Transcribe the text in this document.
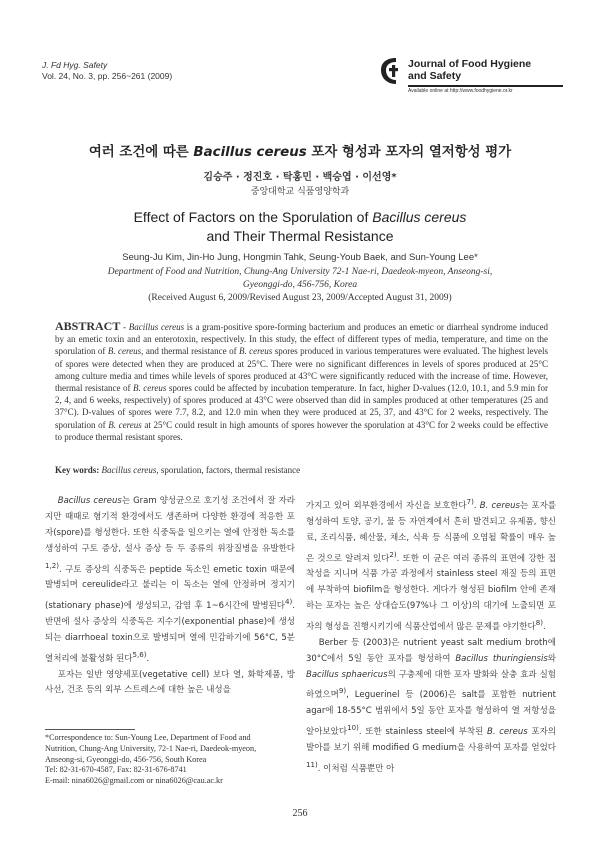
J. Fd Hyg. Safety
Vol. 24, No. 3, pp. 256~261 (2009)
Journal of Food Hygiene
and Safety
Available online at http://www.foodhygiene.or.kr
여러 조건에 따른 Bacillus cereus 포자 형성과 포자의 열저항성 평가
김승주 · 정진호 · 탁홍민 · 백승엽 · 이선영*
중앙대학교 식품영양학과
Effect of Factors on the Sporulation of Bacillus cereus
and Their Thermal Resistance
Seung-Ju Kim, Jin-Ho Jung, Hongmin Tahk, Seung-Youb Baek, and Sun-Young Lee*
Department of Food and Nutrition, Chung-Ang University 72-1 Nae-ri, Daedeok-myeon, Anseong-si,
Gyeonggi-do, 456-756, Korea
(Received August 6, 2009/Revised August 23, 2009/Accepted August 31, 2009)
ABSTRACT - Bacillus cereus is a gram-positive spore-forming bacterium and produces an emetic or diarrheal syndrome induced by an emetic toxin and an enterotoxin, respectively. In this study, the effect of different types of media, temperature, and time on the sporulation of B. cereus, and thermal resistance of B. cereus spores produced in various temperatures were evaluated. The highest levels of spores were detected when they are produced at 25°C. There were no significant differences in levels of spores produced at 25°C among culture media and times while levels of spores produced at 43°C were significantly reduced with the increase of time. However, thermal resistance of B. cereus spores could be affected by incubation temperature. In fact, higher D-values (12.0, 10.1, and 5.9 min for 2, 4, and 6 weeks, respectively) of spores produced at 43°C were observed than did in samples produced at other temperatures (25 and 37°C). D-values of spores were 7.7, 8.2, and 12.0 min when they were produced at 25, 37, and 43°C for 2 weeks, respectively. The sporulation of B. cereus at 25°C could result in high amounts of spores however the sporulation at 43°C for 2 weeks could be effective to produce thermal resistant spores.
Key words: Bacillus cereus, sporulation, factors, thermal resistance

Bacillus cereus는 Gram 양성균으로 호기성 조건에서 잘 자라지만 때때로 혐기적 환경에서도 생존하며 다양한 환경에 적응한 포자(spore)를 형성한다. 또한 식중독을 일으키는 열에 안정한 독소를 생성하여 구토 증상, 설사 증상 등 두 종류의 위장질병을 유발한다$^{1,2)}$. 구토 증상의 식중독은 peptide 독소인 emetic toxin 때문에 발병되며 cereulide라고 불리는 이 독소는 열에 안정하며 정지기(stationary phase)에 생성되고, 감염 후 1~6시간에 발병된다$^{4)}$. 반면에 설사 증상의 식중독은 지수기(exponential phase)에 생성되는 diarrhoeal toxin으로 발병되며 열에 민감하기에 56°C, 5분 열처리에 불활성화 된다$^{5,6)}$.

포자는 일반 영양세포(vegetative cell) 보다 열, 화학제품, 방사선, 건조 등의 외부 스트레스에 대한 높은 내성을

가지고 있어 외부환경에서 자신을 보호한다$^{7)}$. B. cereus는 포자를 형성하여 토양, 공기, 물 등 자연계에서 흔히 발견되고 유제품, 향신료, 조리식품, 혜산물, 채소, 식육 등 식품에 오염될 확률이 매우 높은 것으로 알려져 있다$^{2)}$. 또한 이 균은 여러 종류의 표면에 강한 접착성을 지니며 식품 가공 과정에서 stainless steel 재질 등의 표면에 부착하여 biofilm을 형성한다. 게다가 형성된 biofilm 안에 존재하는 포자는 높은 상대습도(97%나 그 이상)의 대기에 노출되면 포자의 형성을 진행시키기에 식품산업에서 많은 문제를 야기한다$^{8)}$.

Berber 등 (2003)은 nutrient yeast salt medium broth에 30°C에서 5일 동안 포자를 형성하여 Bacillus thuringiensis와 Bacillus sphaericus의 구충제에 대한 포자 발화와 살충 효과 실험 하였으며$^{9)}$, Leguerinel 등 (2006)은 salt를 포함한 nutrient agar에 18-55°C 범위에서 5일 동안 포자를 형성하여 열 저항성을 알아보았다$^{10)}$. 또한 stainless steel에 부착된 B. cereus 포자의 발아를 보기 위해 modified G medium을 사용하여 포자를 얻었다$^{11)}$. 이처럼 식품뿐만 아

*Correspondence to: Sun-Young Lee, Department of Food and
Nutrition, Chung-Ang University, 72-1 Nae-ri, Daedeok-myeon,
Anseong-si, Gyeonggi-do, 456-756, South Korea
Tel: 82-31-670-4587, Fax: 82-31-676-8741
E-mail: nina6026@gmail.com or nina6026@cau.ac.kr
256
